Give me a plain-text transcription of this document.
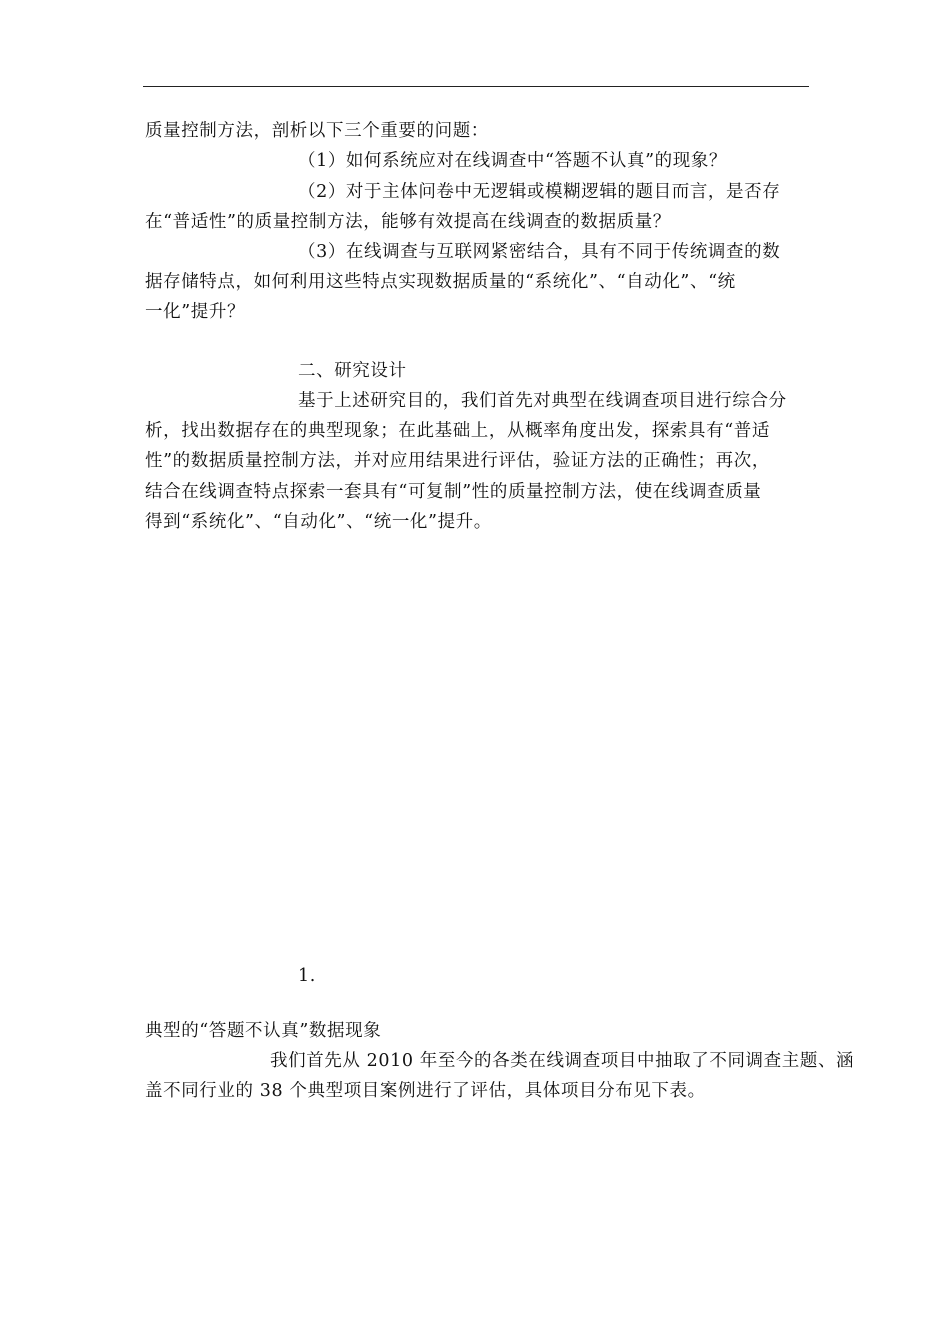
质量控制方法，剖析以下三个重要的问题：
（1）如何系统应对在线调查中“答题不认真”的现象？
（2）对于主体问卷中无逻辑或模糊逻辑的题目而言，是否存
在“普适性”的质量控制方法，能够有效提高在线调查的数据质量？
（3）在线调查与互联网紧密结合，具有不同于传统调查的数
据存储特点，如何利用这些特点实现数据质量的“系统化”、“自动化”、“统
一化”提升？
二、研究设计
基于上述研究目的，我们首先对典型在线调查项目进行综合分
析，找出数据存在的典型现象；在此基础上，从概率角度出发，探索具有“普适
性”的数据质量控制方法，并对应用结果进行评估，验证方法的正确性；再次，
结合在线调查特点探索一套具有“可复制”性的质量控制方法，使在线调查质量
得到“系统化”、“自动化”、“统一化”提升。
1.
典型的“答题不认真”数据现象
我们首先从 2010 年至今的各类在线调查项目中抽取了不同调查主题、涵
盖不同行业的 38 个典型项目案例进行了评估，具体项目分布见下表。
